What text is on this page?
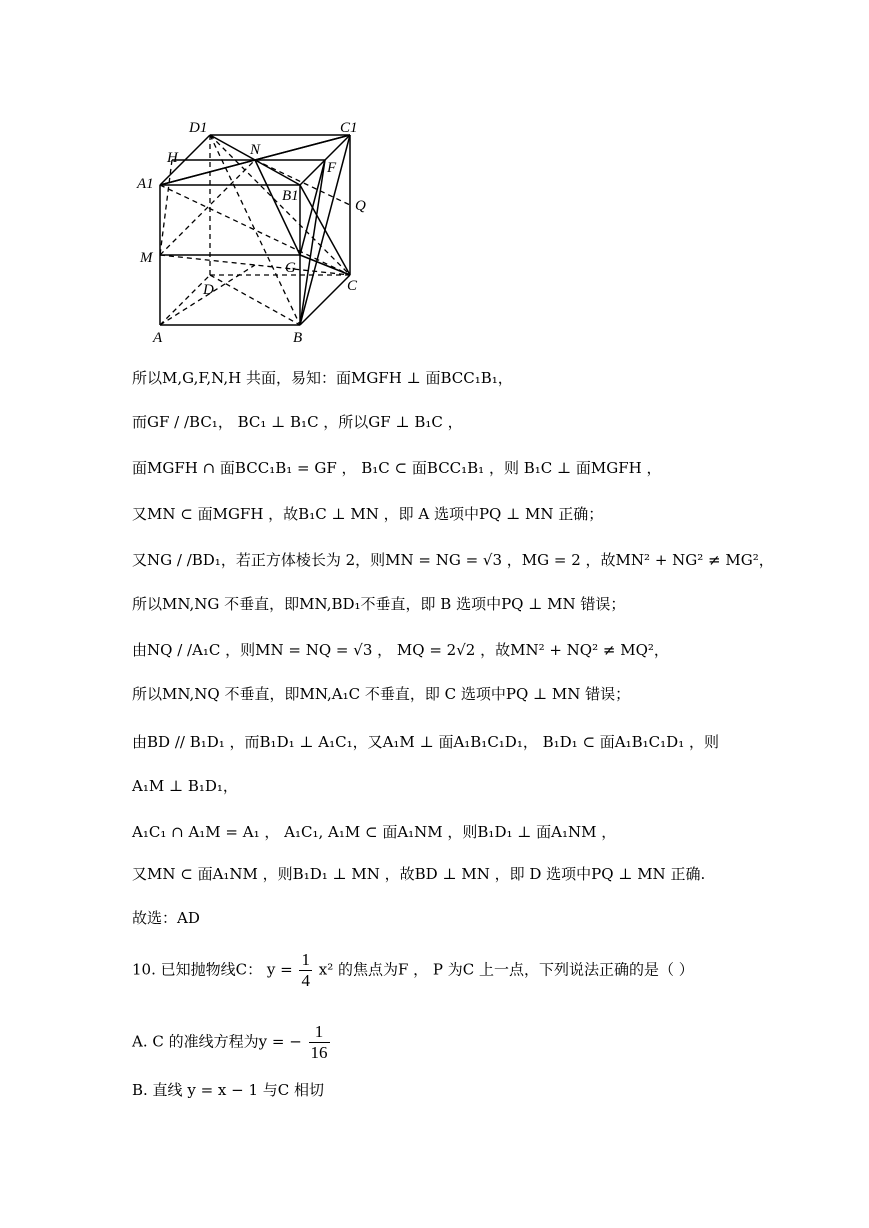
D1	C1
N
H
F
A1
B1
Q
M
G
D	C
A	B
所以M,G,F,N,H 共面，易知：面MGFH ⊥ 面BCC₁B₁，
而GF / /BC₁， BC₁ ⊥ B₁C ，所以GF ⊥ B₁C ，
面MGFH ∩ 面BCC₁B₁ = GF ， B₁C ⊂ 面BCC₁B₁ ，则 B₁C ⊥ 面MGFH ，
又MN ⊂ 面MGFH ，故B₁C ⊥ MN ，即 A 选项中PQ ⊥ MN 正确；
又NG / /BD₁，若正方体棱长为 2，则MN = NG = √3 ，MG = 2 ，故MN² + NG² ≠ MG²，
所以MN,NG 不垂直，即MN,BD₁不垂直，即 B 选项中PQ ⊥ MN 错误；
由NQ / /A₁C ，则MN = NQ = √3 ， MQ = 2√2 ，故MN² + NQ² ≠ MQ²，
所以MN,NQ 不垂直，即MN,A₁C 不垂直，即 C 选项中PQ ⊥ MN 错误；
由BD // B₁D₁ ，而B₁D₁ ⊥ A₁C₁，又A₁M ⊥ 面A₁B₁C₁D₁， B₁D₁ ⊂ 面A₁B₁C₁D₁ ，则
A₁M ⊥ B₁D₁，
A₁C₁ ∩ A₁M = A₁ ， A₁C₁, A₁M ⊂ 面A₁NM ，则B₁D₁ ⊥ 面A₁NM ，
又MN ⊂ 面A₁NM ，则B₁D₁ ⊥ MN ，故BD ⊥ MN ，即 D 选项中PQ ⊥ MN 正确.
故选：AD
10. 已知抛物线C： $y = \frac{1}{4} x^2$ 的焦点为F ， P 为C 上一点，下列说法正确的是（ ）
A. C 的准线方程为y = − $\frac{1}{16}$
B. 直线 y = x − 1 与C 相切
